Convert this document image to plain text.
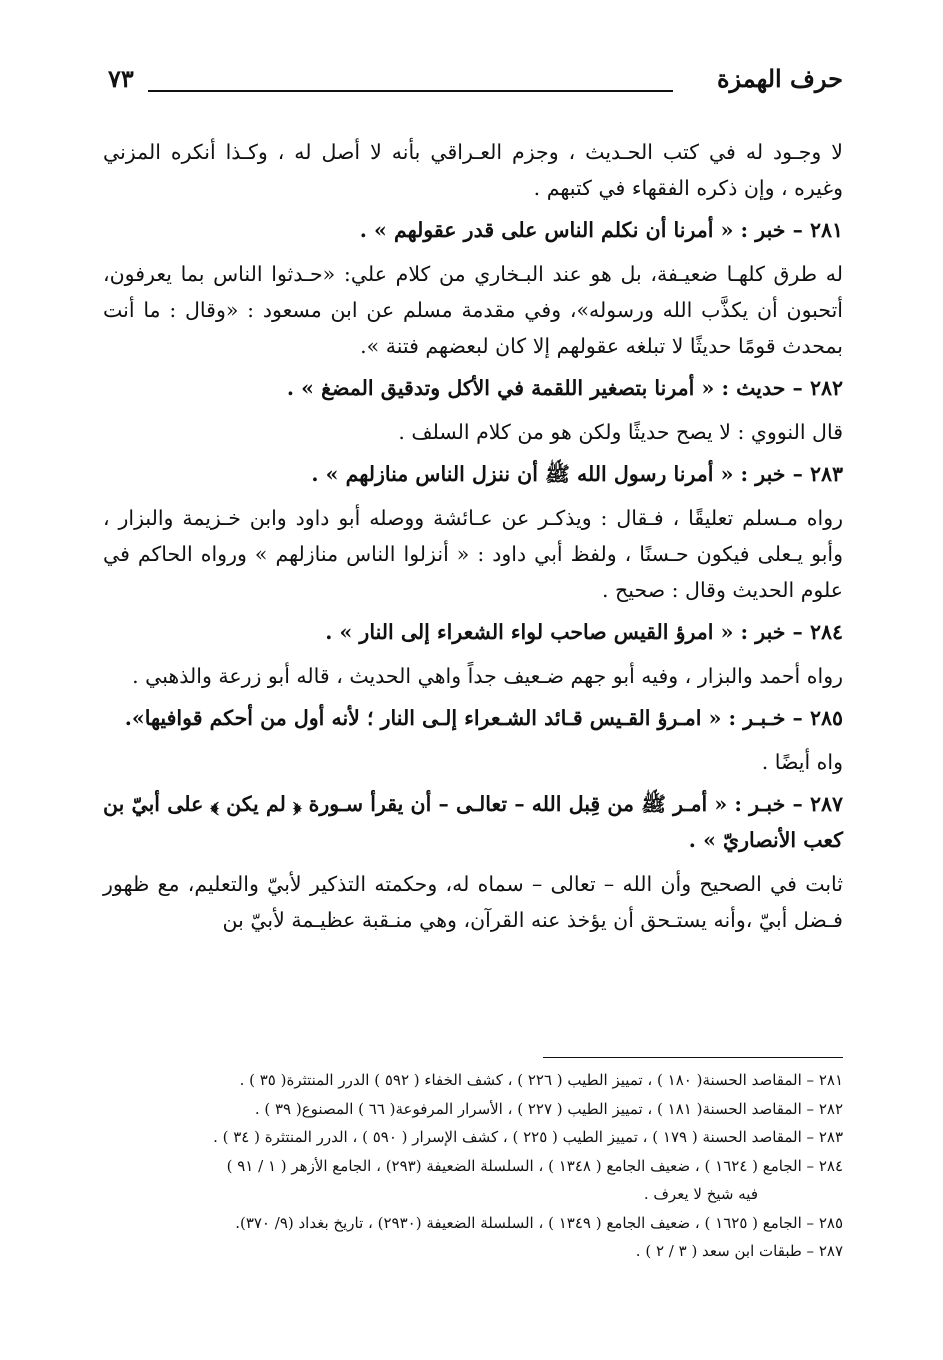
حرف الهمزة
٧٣

لا وجـود له في كتب الحـديث ، وجزم العـراقي بأنه لا أصل له ، وكـذا أنكره المزني وغيره ، وإن ذكره الفقهاء في كتبهم .

٢٨١ – خبر : « أمرنا أن نكلم الناس على قدر عقولهم » .

له طرق كلهـا ضعيـفة، بل هو عند البـخاري من كلام علي: «حـدثوا الناس بما يعرفون، أتحبون أن يكذَّب الله ورسوله»، وفي مقدمة مسلم عن ابن مسعود : «وقال : ما أنت بمحدث قومًا حديثًا لا تبلغه عقولهم إلا كان لبعضهم فتنة ».

٢٨٢ – حديث : « أمرنا بتصغير اللقمة في الأكل وتدقيق المضغ » .

قال النووي : لا يصح حديثًا ولكن هو من كلام السلف .

٢٨٣ – خبر : « أمرنا رسول الله ﷺ أن ننزل الناس منازلهم » .

رواه مـسلم تعليقًا ، فـقال : ويذكـر عن عـائشة ووصله أبو داود وابن خـزيمة والبزار ، وأبو يـعلى فيكون حـسنًا ، ولفظ أبي داود : « أنزلوا الناس منازلهم » ورواه الحاكم في علوم الحديث وقال : صحيح .

٢٨٤ – خبر : « امرؤ القيس صاحب لواء الشعراء إلى النار » .

رواه أحمد والبزار ، وفيه أبو جهم ضـعيف جداً واهي الحديث ، قاله أبو زرعة والذهبي .

٢٨٥ – خـبـر : « امـرؤ القـيس قـائد الشـعراء إلـى النار ؛ لأنه أول من أحكم قوافيها».

واه أيضًا .

٢٨٧ – خبـر : « أمـر ﷺ من قِبل الله – تعالـى – أن يقرأ سـورة ﴿ لم يكن ﴾ على أبيّ بن كعب الأنصاريّ » .

ثابت في الصحيح وأن الله – تعالى – سماه له، وحكمته التذكير لأبيّ والتعليم، مع ظهور فـضل أبيّ ،وأنه يستـحق أن يؤخذ عنه القرآن، وهي منـقبة عظيـمة لأبيّ بن

٢٨١ – المقاصد الحسنة( ١٨٠ ) ، تمييز الطيب ( ٢٢٦ ) ، كشف الخفاء ( ٥٩٢ ) الدرر المنتثرة( ٣٥ ) .

٢٨٢ – المقاصد الحسنة( ١٨١ ) ، تمييز الطيب ( ٢٢٧ ) ، الأسرار المرفوعة( ٦٦ ) المصنوع( ٣٩ ) .

٢٨٣ – المقاصد الحسنة ( ١٧٩ ) ، تمييز الطيب ( ٢٢٥ ) ، كشف الإسرار ( ٥٩٠ ) ، الدرر المنتثرة ( ٣٤ ) .

٢٨٤ – الجامع ( ١٦٢٤ ) ، ضعيف الجامع ( ١٣٤٨ ) ، السلسلة الضعيفة (٢٩٣) ، الجامع الأزهر ( ١ / ٩١ )

فيه شيخ لا يعرف .

٢٨٥ – الجامع ( ١٦٢٥ ) ، ضعيف الجامع ( ١٣٤٩ ) ، السلسلة الضعيفة (٢٩٣٠) ، تاريخ بغداد (٩/ ٣٧٠).

٢٨٧ – طبقات ابن سعد ( ٣ / ٢ ) .
